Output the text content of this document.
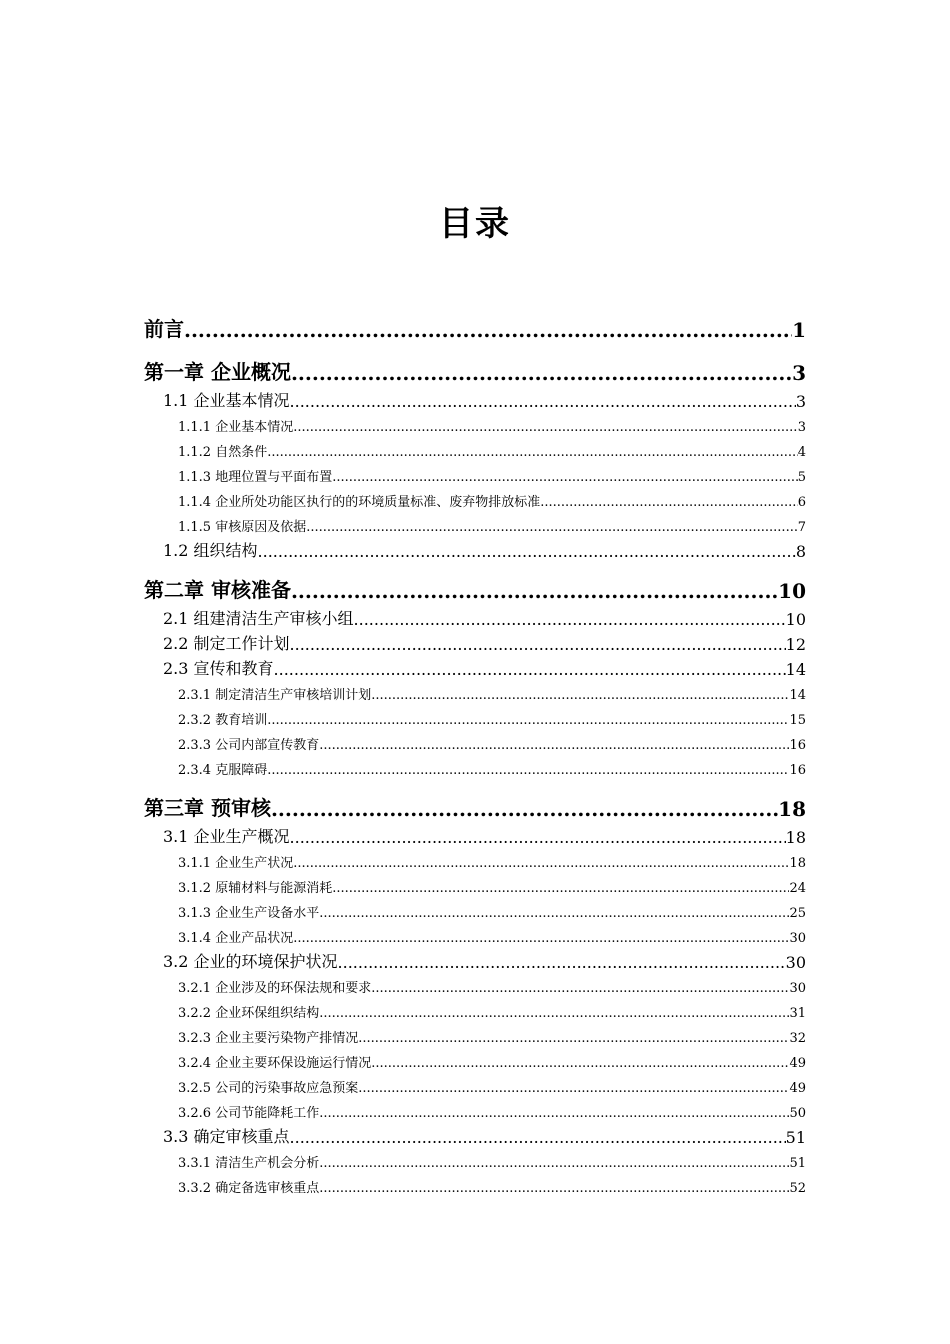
目录
前言 .....	1
第一章 企业概况 .....	3
1.1 企业基本情况 .....	3
1.1.1 企业基本情况 .....	3
1.1.2 自然条件 .....	4
1.1.3 地理位置与平面布置 .....	5
1.1.4 企业所处功能区执行的的环境质量标准、废弃物排放标准 .....	6
1.1.5 审核原因及依据 .....	7
1.2 组织结构 .....	8
第二章 审核准备 .....	10
2.1 组建清洁生产审核小组 .....	10
2.2 制定工作计划 .....	12
2.3 宣传和教育 .....	14
2.3.1 制定清洁生产审核培训计划 .....	14
2.3.2 教育培训 .....	15
2.3.3 公司内部宣传教育 .....	16
2.3.4 克服障碍 .....	16
第三章 预审核 .....	18
3.1 企业生产概况 .....	18
3.1.1 企业生产状况 .....	18
3.1.2 原辅材料与能源消耗 .....	24
3.1.3 企业生产设备水平 .....	25
3.1.4 企业产品状况 .....	30
3.2 企业的环境保护状况 .....	30
3.2.1 企业涉及的环保法规和要求 .....	30
3.2.2 企业环保组织结构 .....	31
3.2.3 企业主要污染物产排情况 .....	32
3.2.4 企业主要环保设施运行情况 .....	49
3.2.5 公司的污染事故应急预案 .....	49
3.2.6 公司节能降耗工作 .....	50
3.3 确定审核重点 .....	51
3.3.1 清洁生产机会分析 .....	51
3.3.2 确定备选审核重点 .....	52
